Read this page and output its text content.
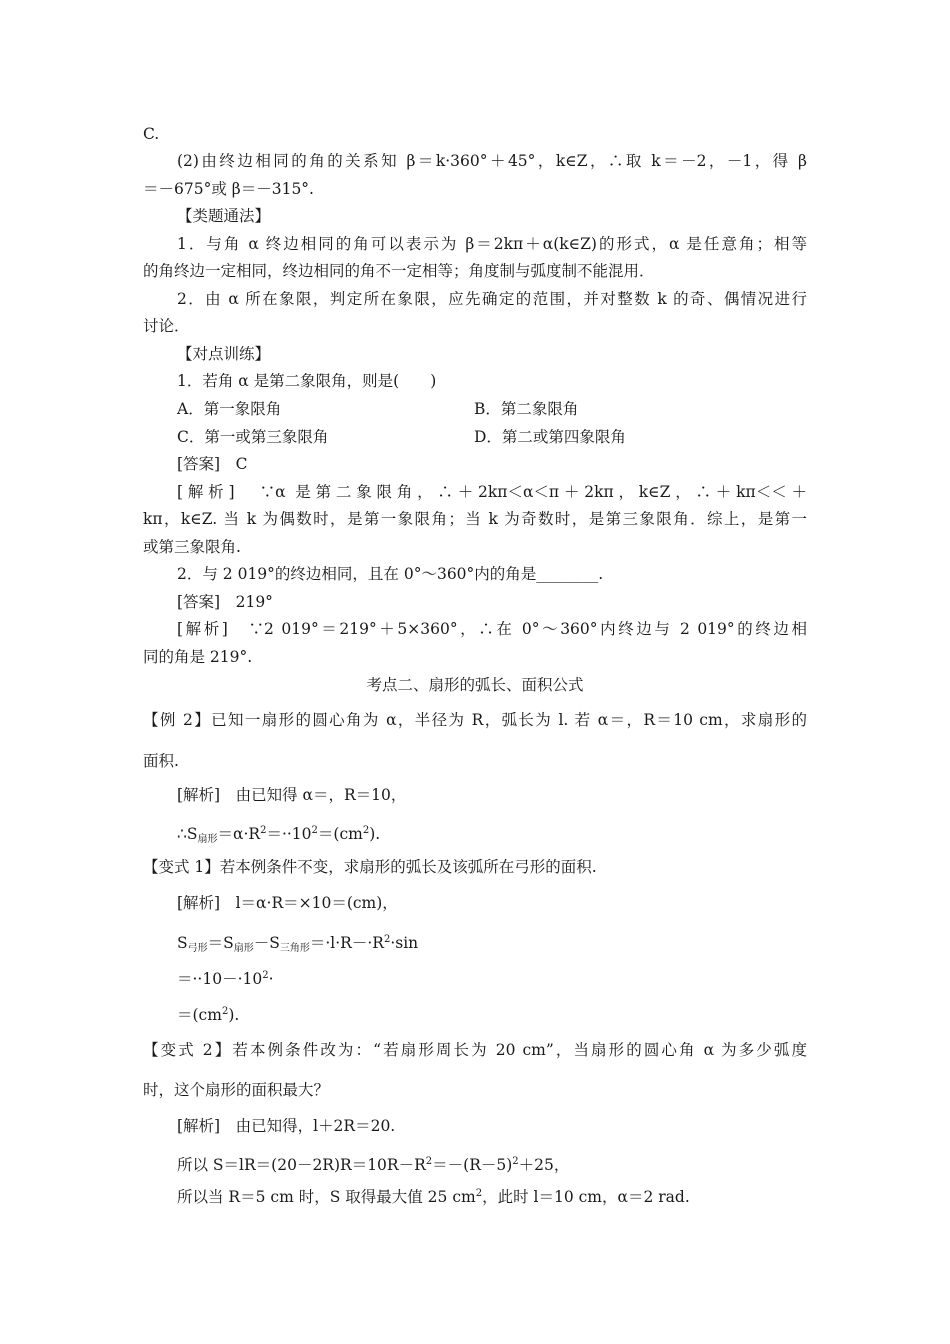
C.
(2)由终边相同的角的关系知 β＝k·360°＋45°，k∈Z，∴取 k＝－2，－1，得 β
＝－675°或 β＝－315°.
【类题通法】
1．与角 α 终边相同的角可以表示为 β＝2kπ＋α(k∈Z)的形式，α 是任意角；相等
的角终边一定相同，终边相同的角不一定相等；角度制与弧度制不能混用．
2．由 α 所在象限，判定所在象限，应先确定的范围，并对整数 k 的奇、偶情况进行
讨论．
【对点训练】
1．若角 α 是第二象限角，则是(　　)
A．第一象限角	B．第二象限角
C．第一或第三象限角	D．第二或第四象限角
[答案]　C
[解析]　∵α 是第二象限角，∴＋2kπ＜α＜π＋2kπ，k∈Z，∴＋kπ＜＜＋
kπ，k∈Z. 当 k 为偶数时，是第一象限角；当 k 为奇数时，是第三象限角．综上，是第一
或第三象限角.
2．与 2 019°的终边相同，且在 0°～360°内的角是________.
[答案]　219°
[解析]　∵2 019°＝219°＋5×360°，∴在 0°～360°内终边与 2 019°的终边相
同的角是 219°.
考点二、扇形的弧长、面积公式
【例 2】已知一扇形的圆心角为 α，半径为 R，弧长为 l. 若 α＝，R＝10 cm，求扇形的
面积.
[解析]　由已知得 α＝，R＝10，
$\therefore S_{扇形}=\alpha\cdot R^2=\cdot\cdot 10^2=(cm^2)$.
【变式 1】若本例条件不变，求扇形的弧长及该弧所在弓形的面积.
[解析]　l＝α·R＝×10＝(cm)，
$S_{弓形}=S_{扇形}-S_{三角形}=\cdot l\cdot R-\cdot R^2\cdot\sin$
$=\cdot\cdot 10-\cdot 10^2\cdot$
$=(cm^2)$.
【变式 2】若本例条件改为：“若扇形周长为 20 cm”，当扇形的圆心角 α 为多少弧度
时，这个扇形的面积最大？
[解析]　由已知得，l＋2R＝20.
所以 $S=lR=(20-2R)R=10R-R^2=-(R-5)^2+25$，
所以当 R＝5 cm 时，S 取得最大值 25 $cm^2$，此时 l＝10 cm，α＝2 rad.
